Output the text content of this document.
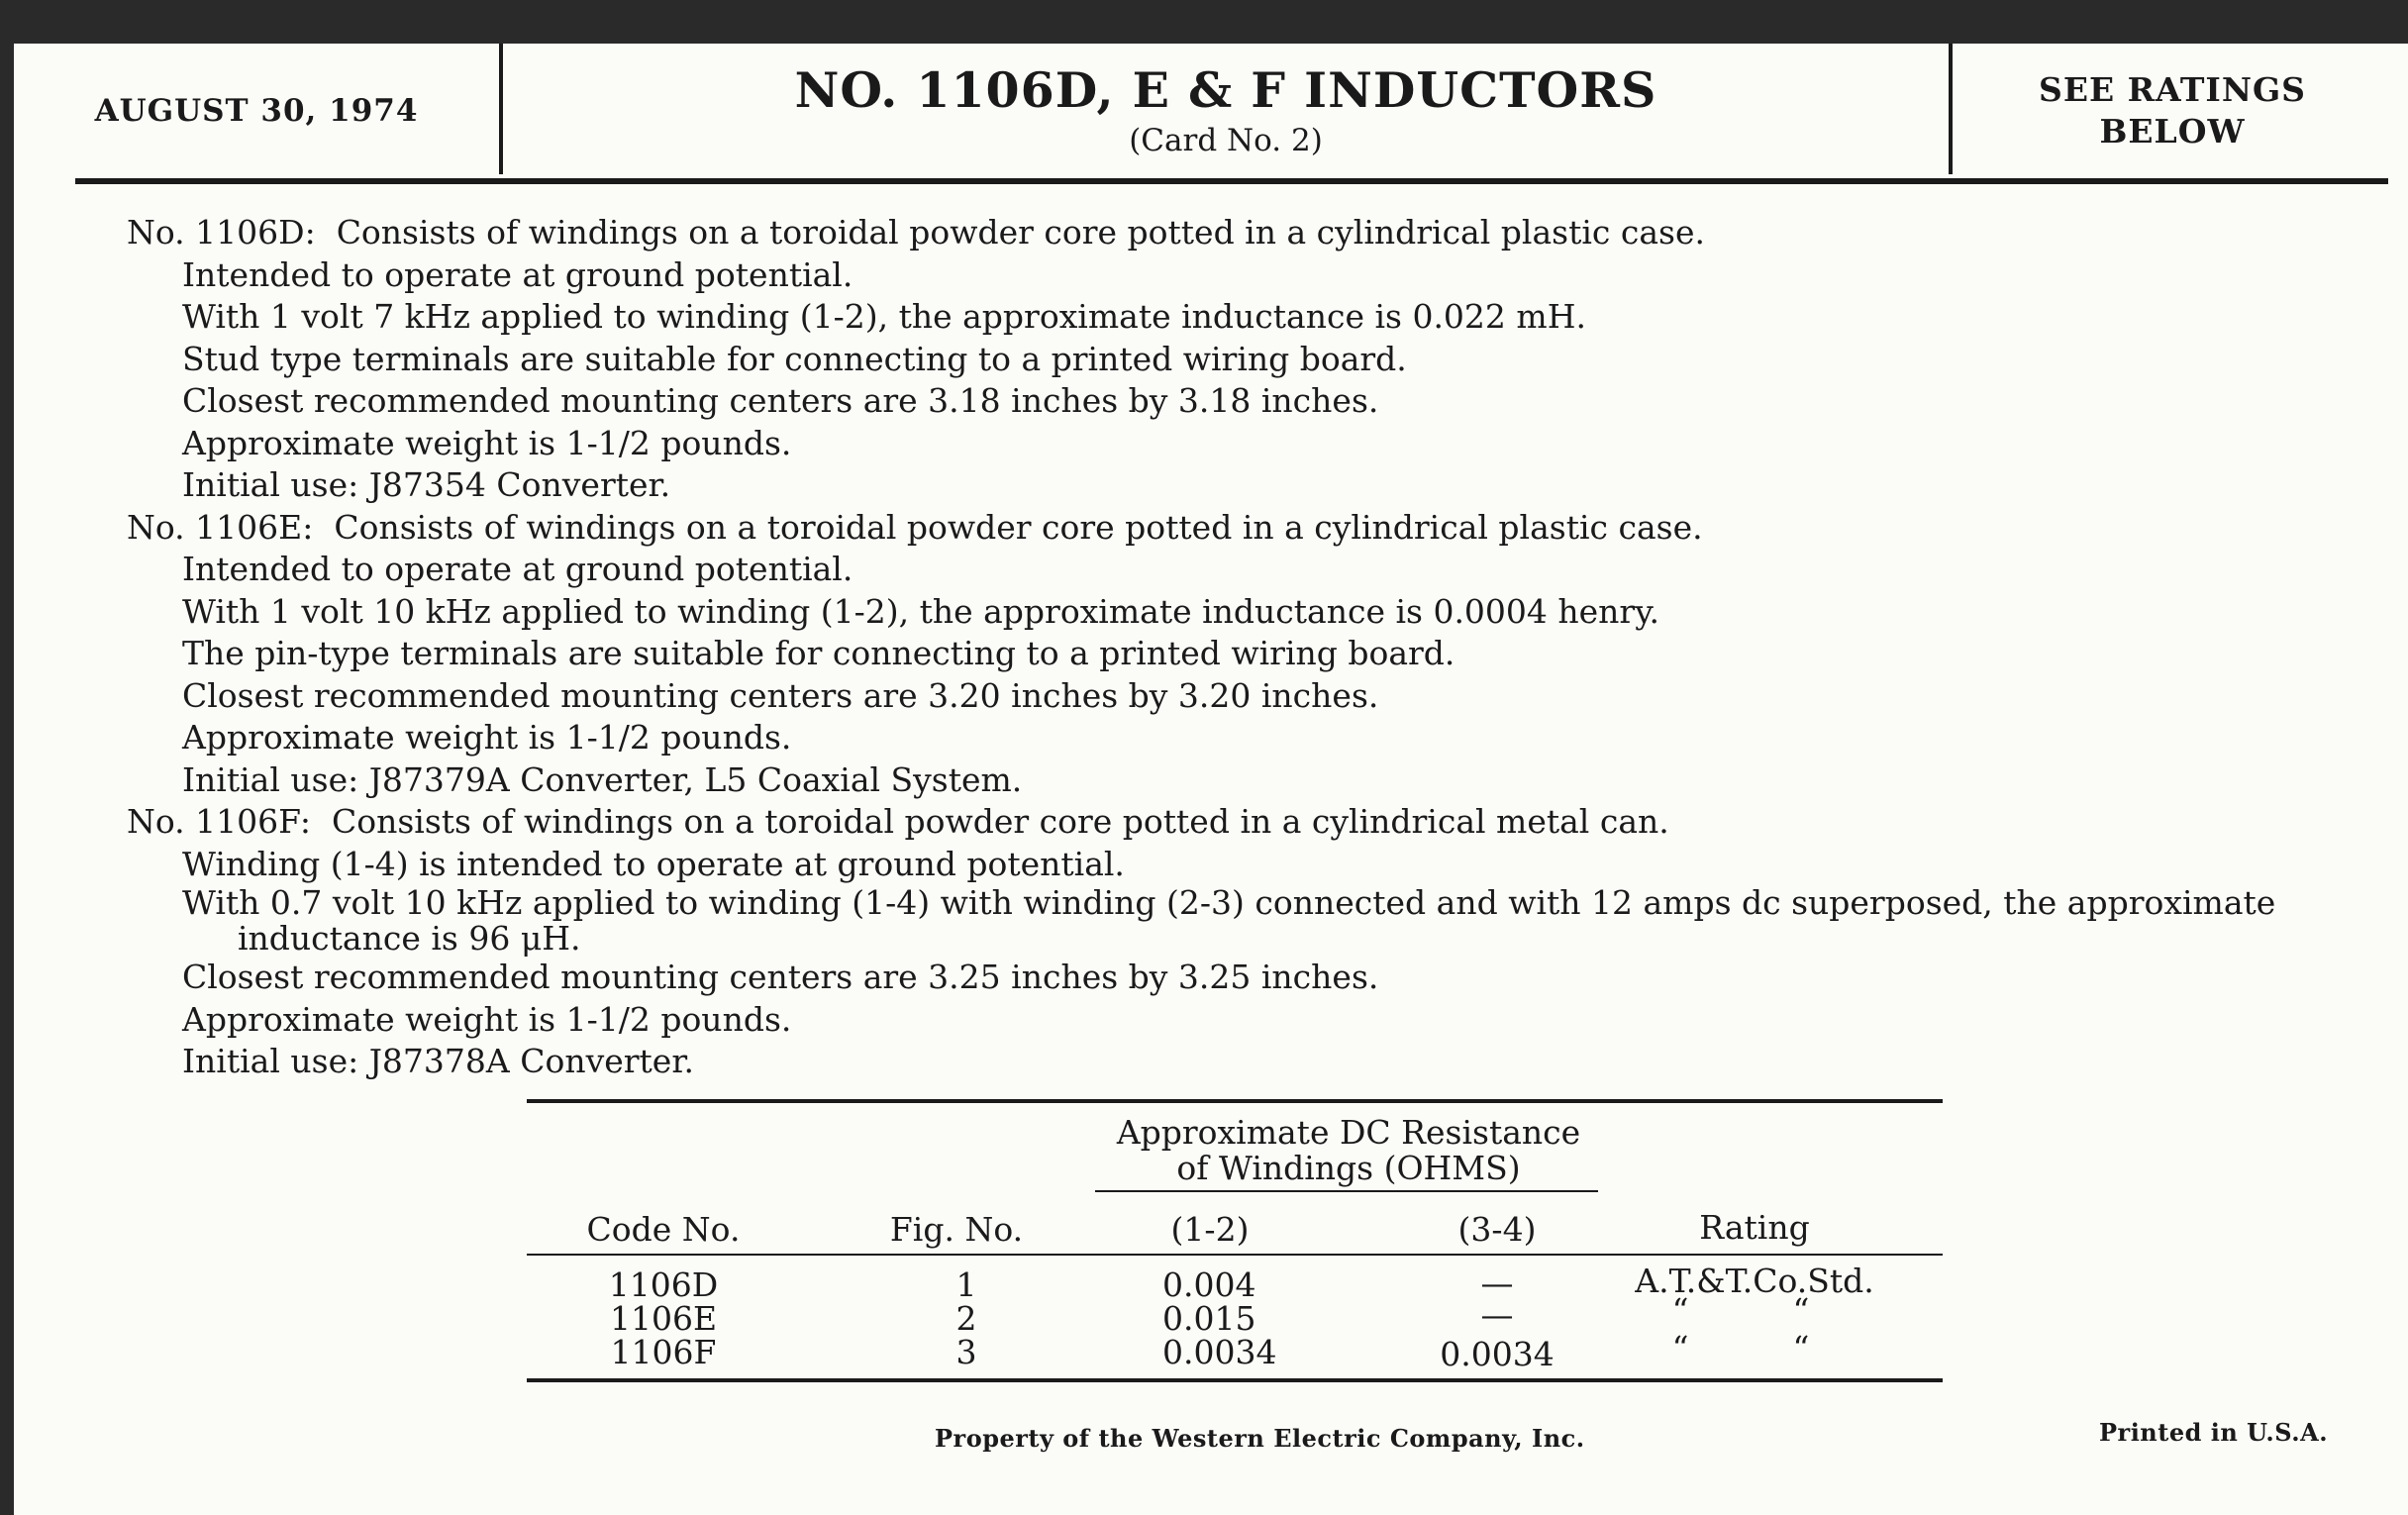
AUGUST 30, 1974	NO. 1106D, E & F INDUCTORS
(Card No. 2)
SEE RATINGS
BELOW
No. 1106D: Consists of windings on a toroidal powder core potted in a cylindrical plastic case.
Intended to operate at ground potential.
With 1 volt 7 kHz applied to winding (1-2), the approximate inductance is 0.022 mH.
Stud type terminals are suitable for connecting to a printed wiring board.
Closest recommended mounting centers are 3.18 inches by 3.18 inches.
Approximate weight is 1-1/2 pounds.
Initial use: J87354 Converter.
No. 1106E: Consists of windings on a toroidal powder core potted in a cylindrical plastic case.
Intended to operate at ground potential.
With 1 volt 10 kHz applied to winding (1-2), the approximate inductance is 0.0004 henry.
The pin-type terminals are suitable for connecting to a printed wiring board.
Closest recommended mounting centers are 3.20 inches by 3.20 inches.
Approximate weight is 1-1/2 pounds.
Initial use: J87379A Converter, L5 Coaxial System.
No. 1106F: Consists of windings on a toroidal powder core potted in a cylindrical metal can.
Winding (1-4) is intended to operate at ground potential.
With 0.7 volt 10 kHz applied to winding (1-4) with winding (2-3) connected and with 12 amps dc superposed, the approximate
inductance is 96 μH.
Closest recommended mounting centers are 3.25 inches by 3.25 inches.
Approximate weight is 1-1/2 pounds.
Initial use: J87378A Converter.
Approximate DC Resistance
of Windings (OHMS)
Code No.	Fig. No.	(1-2)	(3-4)	Rating
1106D	1	0.004	—	A.T.&T.Co.Std.
1106E	2	0.015	—	“          “
1106F	3	0.0034	0.0034	“          “
Property of the Western Electric Company, Inc.	Printed in U.S.A.
